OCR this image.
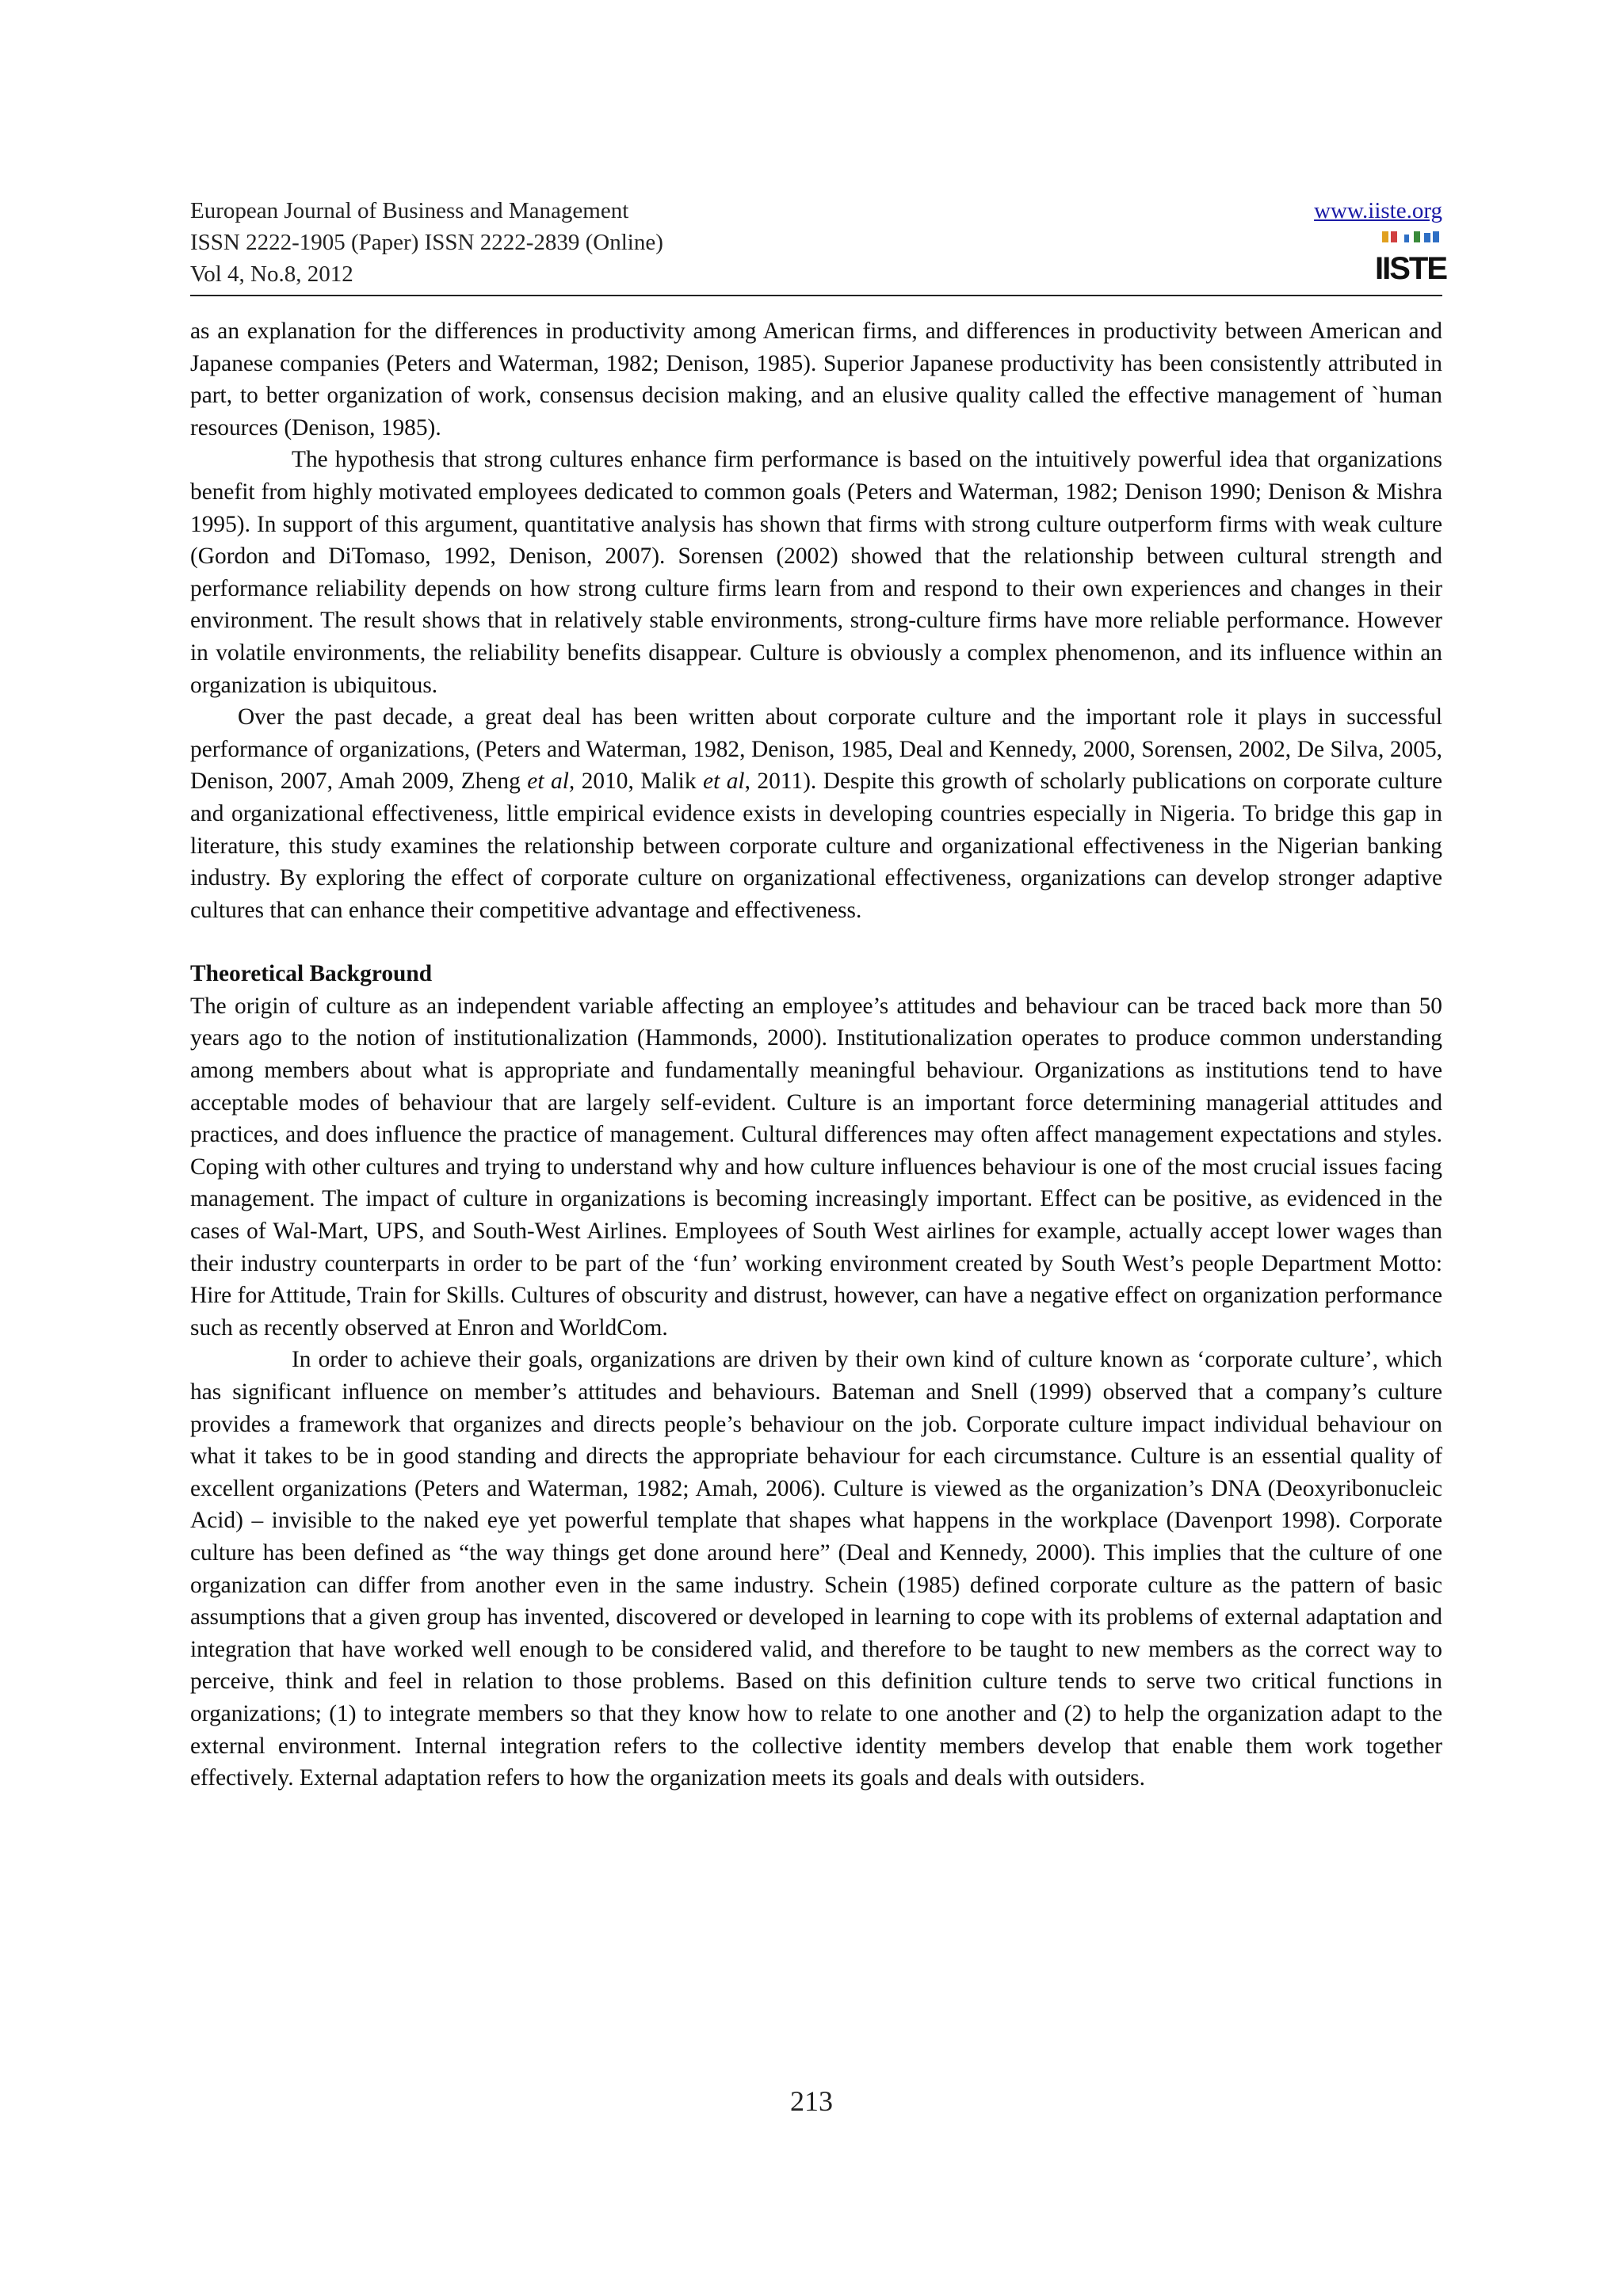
European Journal of Business and Management
ISSN 2222-1905 (Paper) ISSN 2222-2839 (Online)
Vol 4, No.8, 2012
www.iiste.org
IISTE

as an explanation for the differences in productivity among American firms, and differences in productivity between American and Japanese companies (Peters and Waterman, 1982; Denison, 1985). Superior Japanese productivity has been consistently attributed in part, to better organization of work, consensus decision making, and an elusive quality called the effective management of `human resources (Denison, 1985).

The hypothesis that strong cultures enhance firm performance is based on the intuitively powerful idea that organizations benefit from highly motivated employees dedicated to common goals (Peters and Waterman, 1982; Denison 1990; Denison & Mishra 1995). In support of this argument, quantitative analysis has shown that firms with strong culture outperform firms with weak culture (Gordon and DiTomaso, 1992, Denison, 2007). Sorensen (2002) showed that the relationship between cultural strength and performance reliability depends on how strong culture firms learn from and respond to their own experiences and changes in their environment. The result shows that in relatively stable environments, strong-culture firms have more reliable performance. However in volatile environments, the reliability benefits disappear. Culture is obviously a complex phenomenon, and its influence within an organization is ubiquitous.

Over the past decade, a great deal has been written about corporate culture and the important role it plays in successful performance of organizations, (Peters and Waterman, 1982, Denison, 1985, Deal and Kennedy, 2000, Sorensen, 2002, De Silva, 2005, Denison, 2007, Amah 2009, Zheng et al, 2010, Malik et al, 2011). Despite this growth of scholarly publications on corporate culture and organizational effectiveness, little empirical evidence exists in developing countries especially in Nigeria. To bridge this gap in literature, this study examines the relationship between corporate culture and organizational effectiveness in the Nigerian banking industry. By exploring the effect of corporate culture on organizational effectiveness, organizations can develop stronger adaptive cultures that can enhance their competitive advantage and effectiveness.

Theoretical Background

The origin of culture as an independent variable affecting an employee’s attitudes and behaviour can be traced back more than 50 years ago to the notion of institutionalization (Hammonds, 2000). Institutionalization operates to produce common understanding among members about what is appropriate and fundamentally meaningful behaviour. Organizations as institutions tend to have acceptable modes of behaviour that are largely self-evident. Culture is an important force determining managerial attitudes and practices, and does influence the practice of management. Cultural differences may often affect management expectations and styles. Coping with other cultures and trying to understand why and how culture influences behaviour is one of the most crucial issues facing management. The impact of culture in organizations is becoming increasingly important. Effect can be positive, as evidenced in the cases of Wal-Mart, UPS, and South-West Airlines. Employees of South West airlines for example, actually accept lower wages than their industry counterparts in order to be part of the ‘fun’ working environment created by South West’s people Department Motto: Hire for Attitude, Train for Skills. Cultures of obscurity and distrust, however, can have a negative effect on organization performance such as recently observed at Enron and WorldCom.

In order to achieve their goals, organizations are driven by their own kind of culture known as ‘corporate culture’, which has significant influence on member’s attitudes and behaviours. Bateman and Snell (1999) observed that a company’s culture provides a framework that organizes and directs people’s behaviour on the job. Corporate culture impact individual behaviour on what it takes to be in good standing and directs the appropriate behaviour for each circumstance. Culture is an essential quality of excellent organizations (Peters and Waterman, 1982; Amah, 2006). Culture is viewed as the organization’s DNA (Deoxyribonucleic Acid) – invisible to the naked eye yet powerful template that shapes what happens in the workplace (Davenport 1998). Corporate culture has been defined as “the way things get done around here” (Deal and Kennedy, 2000). This implies that the culture of one organization can differ from another even in the same industry. Schein (1985) defined corporate culture as the pattern of basic assumptions that a given group has invented, discovered or developed in learning to cope with its problems of external adaptation and integration that have worked well enough to be considered valid, and therefore to be taught to new members as the correct way to perceive, think and feel in relation to those problems. Based on this definition culture tends to serve two critical functions in organizations; (1) to integrate members so that they know how to relate to one another and (2) to help the organization adapt to the external environment. Internal integration refers to the collective identity members develop that enable them work together effectively. External adaptation refers to how the organization meets its goals and deals with outsiders.

213
